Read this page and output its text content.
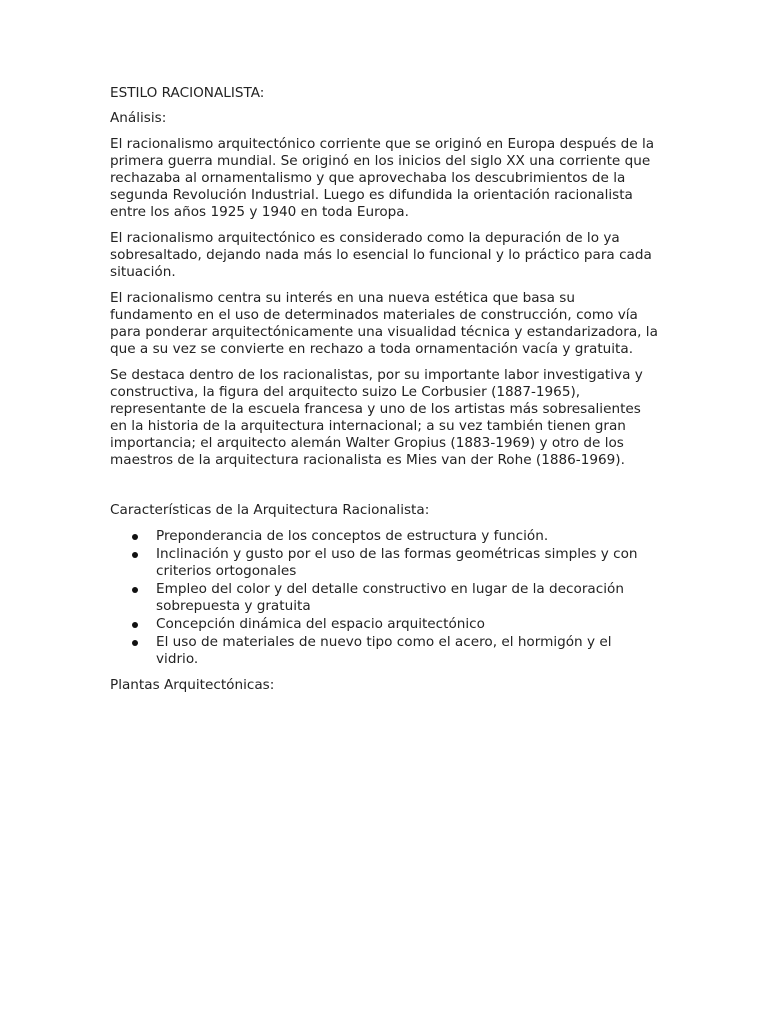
ESTILO RACIONALISTA:

Análisis:

El racionalismo arquitectónico corriente que se originó en Europa después de la primera guerra mundial. Se originó en los inicios del siglo XX una corriente que rechazaba al ornamentalismo y que aprovechaba los descubrimientos de la segunda Revolución Industrial. Luego es difundida la orientación racionalista entre los años 1925 y 1940 en toda Europa.

El racionalismo arquitectónico es considerado como la depuración de lo ya sobresaltado, dejando nada más lo esencial lo funcional y lo práctico para cada situación.

El racionalismo centra su interés en una nueva estética que basa su fundamento en el uso de determinados materiales de construcción, como vía para ponderar arquitectónicamente una visualidad técnica y estandarizadora, la que a su vez se convierte en rechazo a toda ornamentación vacía y gratuita.

Se destaca dentro de los racionalistas, por su importante labor investigativa y constructiva, la figura del arquitecto suizo Le Corbusier (1887-1965), representante de la escuela francesa y uno de los artistas más sobresalientes en la historia de la arquitectura internacional; a su vez también tienen gran importancia; el arquitecto alemán Walter Gropius (1883-1969) y otro de los maestros de la arquitectura racionalista es Mies van der Rohe (1886-1969).

Características de la Arquitectura Racionalista:

Preponderancia de los conceptos de estructura y función.
Inclinación y gusto por el uso de las formas geométricas simples y con criterios ortogonales
Empleo del color y del detalle constructivo en lugar de la decoración sobrepuesta y gratuita
Concepción dinámica del espacio arquitectónico
El uso de materiales de nuevo tipo como el acero, el hormigón y el vidrio.

Plantas Arquitectónicas:
